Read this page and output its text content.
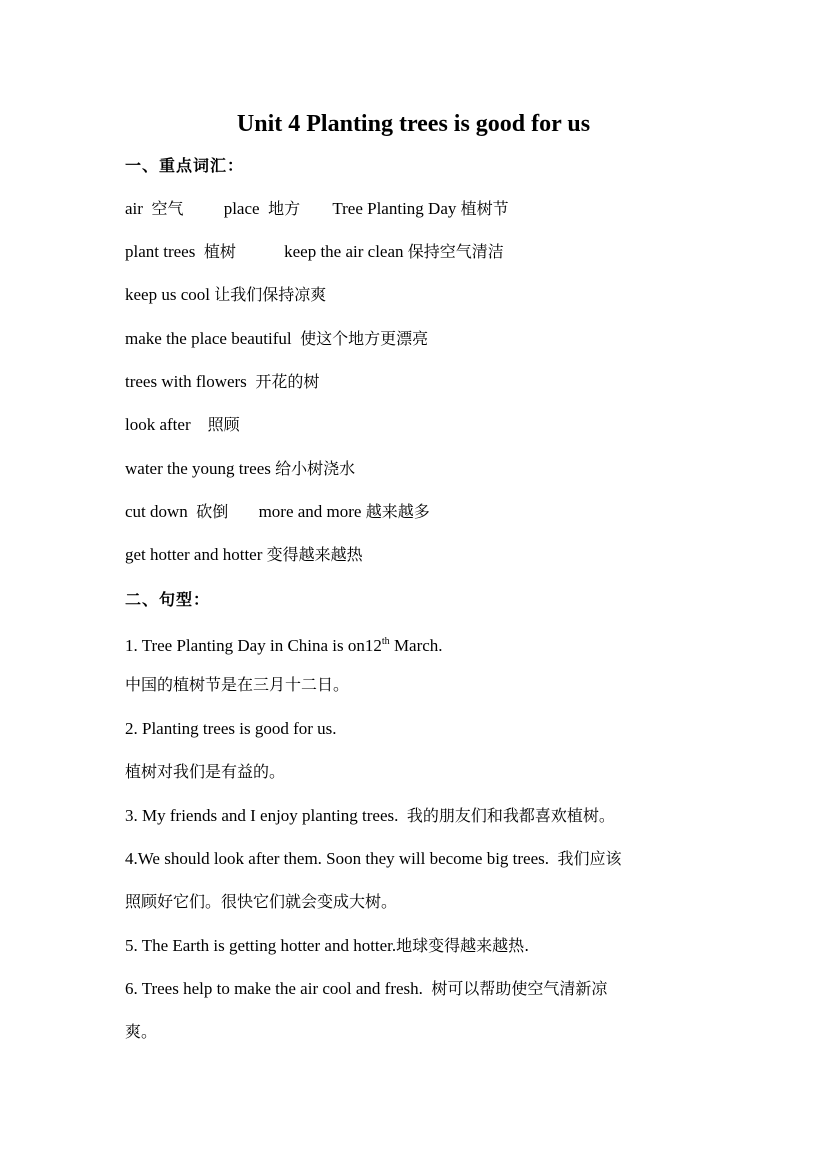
Unit 4 Planting trees is good for us
一、重点词汇：
air 空气 place 地方 Tree Planting Day 植树节
plant trees 植树	keep the air clean 保持空气清洁
keep us cool 让我们保持凉爽
make the place beautiful 使这个地方更漂亮
trees with flowers 开花的树
look after 照顾
water the young trees 给小树浇水
cut down 砍倒 more and more 越来越多
get hotter and hotter 变得越来越热
二、句型：
1. Tree Planting Day in China is on12th March.
中国的植树节是在三月十二日。
2. Planting trees is good for us.
植树对我们是有益的。
3. My friends and I enjoy planting trees. 我的朋友们和我都喜欢植树。
4.We should look after them. Soon they will become big trees. 我们应该
照顾好它们。很快它们就会变成大树。
5. The Earth is getting hotter and hotter.地球变得越来越热.
6. Trees help to make the air cool and fresh. 树可以帮助使空气清新凉
爽。
